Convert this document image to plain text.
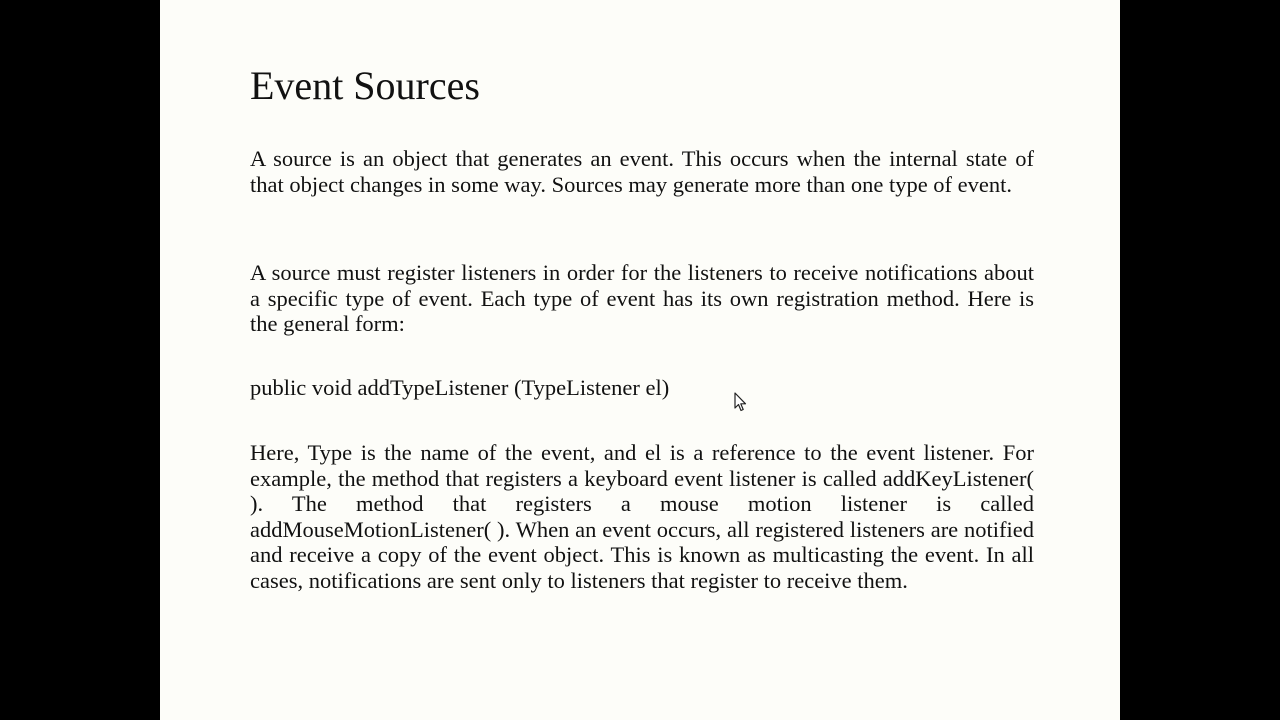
Event Sources

A source is an object that generates an event. This occurs when the internal state of that object changes in some way. Sources may generate more than one type of event.

A source must register listeners in order for the listeners to receive notifications about a specific type of event. Each type of event has its own registration method. Here is the general form:

public void addTypeListener (TypeListener el)

Here, Type is the name of the event, and el is a reference to the event listener. For example, the method that registers a keyboard event listener is called addKeyListener( ). The method that registers a mouse motion listener is called addMouseMotionListener( ). When an event occurs, all registered listeners are notified and receive a copy of the event object. This is known as multicasting the event. In all cases, notifications are sent only to listeners that register to receive them.
